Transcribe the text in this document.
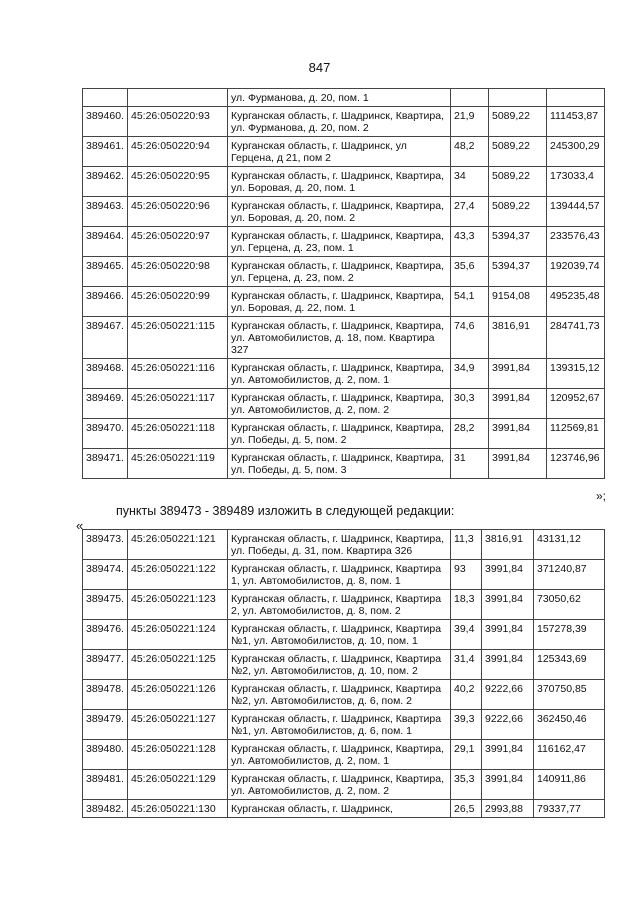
847
		ул. Фурманова, д. 20, пом. 1			
389460.	45:26:050220:93	Курганская область, г. Шадринск, Квартира, ул. Фурманова, д. 20, пом. 2	21,9	5089,22	111453,87
389461.	45:26:050220:94	Курганская область, г. Шадринск, ул Герцена, д 21, пом 2	48,2	5089,22	245300,29
389462.	45:26:050220:95	Курганская область, г. Шадринск, Квартира, ул. Боровая, д. 20, пом. 1	34	5089,22	173033,4
389463.	45:26:050220:96	Курганская область, г. Шадринск, Квартира, ул. Боровая, д. 20, пом. 2	27,4	5089,22	139444,57
389464.	45:26:050220:97	Курганская область, г. Шадринск, Квартира, ул. Герцена, д. 23, пом. 1	43,3	5394,37	233576,43
389465.	45:26:050220:98	Курганская область, г. Шадринск, Квартира, ул. Герцена, д. 23, пом. 2	35,6	5394,37	192039,74
389466.	45:26:050220:99	Курганская область, г. Шадринск, Квартира, ул. Боровая, д. 22, пом. 1	54,1	9154,08	495235,48
389467.	45:26:050221:115	Курганская область, г. Шадринск, Квартира, ул. Автомобилистов, д. 18, пом. Квартира 327	74,6	3816,91	284741,73
389468.	45:26:050221:116	Курганская область, г. Шадринск, Квартира, ул. Автомобилистов, д. 2, пом. 1	34,9	3991,84	139315,12
389469.	45:26:050221:117	Курганская область, г. Шадринск, Квартира, ул. Автомобилистов, д. 2, пом. 2	30,3	3991,84	120952,67
389470.	45:26:050221:118	Курганская область, г. Шадринск, Квартира, ул. Победы, д. 5, пом. 2	28,2	3991,84	112569,81
389471.	45:26:050221:119	Курганская область, г. Шадринск, Квартира, ул. Победы, д. 5, пом. 3	31	3991,84	123746,96
»;
пункты 389473 - 389489 изложить в следующей редакции:
«
389473.	45:26:050221:121	Курганская область, г. Шадринск, Квартира, ул. Победы, д. 31, пом. Квартира 326	11,3	3816,91	43131,12
389474.	45:26:050221:122	Курганская область, г. Шадринск, Квартира 1, ул. Автомобилистов, д. 8, пом. 1	93	3991,84	371240,87
389475.	45:26:050221:123	Курганская область, г. Шадринск, Квартира 2, ул. Автомобилистов, д. 8, пом. 2	18,3	3991,84	73050,62
389476.	45:26:050221:124	Курганская область, г. Шадринск, Квартира №1, ул. Автомобилистов, д. 10, пом. 1	39,4	3991,84	157278,39
389477.	45:26:050221:125	Курганская область, г. Шадринск, Квартира №2, ул. Автомобилистов, д. 10, пом. 2	31,4	3991,84	125343,69
389478.	45:26:050221:126	Курганская область, г. Шадринск, Квартира №2, ул. Автомобилистов, д. 6, пом. 2	40,2	9222,66	370750,85
389479.	45:26:050221:127	Курганская область, г. Шадринск, Квартира №1, ул. Автомобилистов, д. 6, пом. 1	39,3	9222,66	362450,46
389480.	45:26:050221:128	Курганская область, г. Шадринск, Квартира, ул. Автомобилистов, д. 2, пом. 1	29,1	3991,84	116162,47
389481.	45:26:050221:129	Курганская область, г. Шадринск, Квартира, ул. Автомобилистов, д. 2, пом. 2	35,3	3991,84	140911,86
389482.	45:26:050221:130	Курганская область, г. Шадринск,	26,5	2993,88	79337,77
